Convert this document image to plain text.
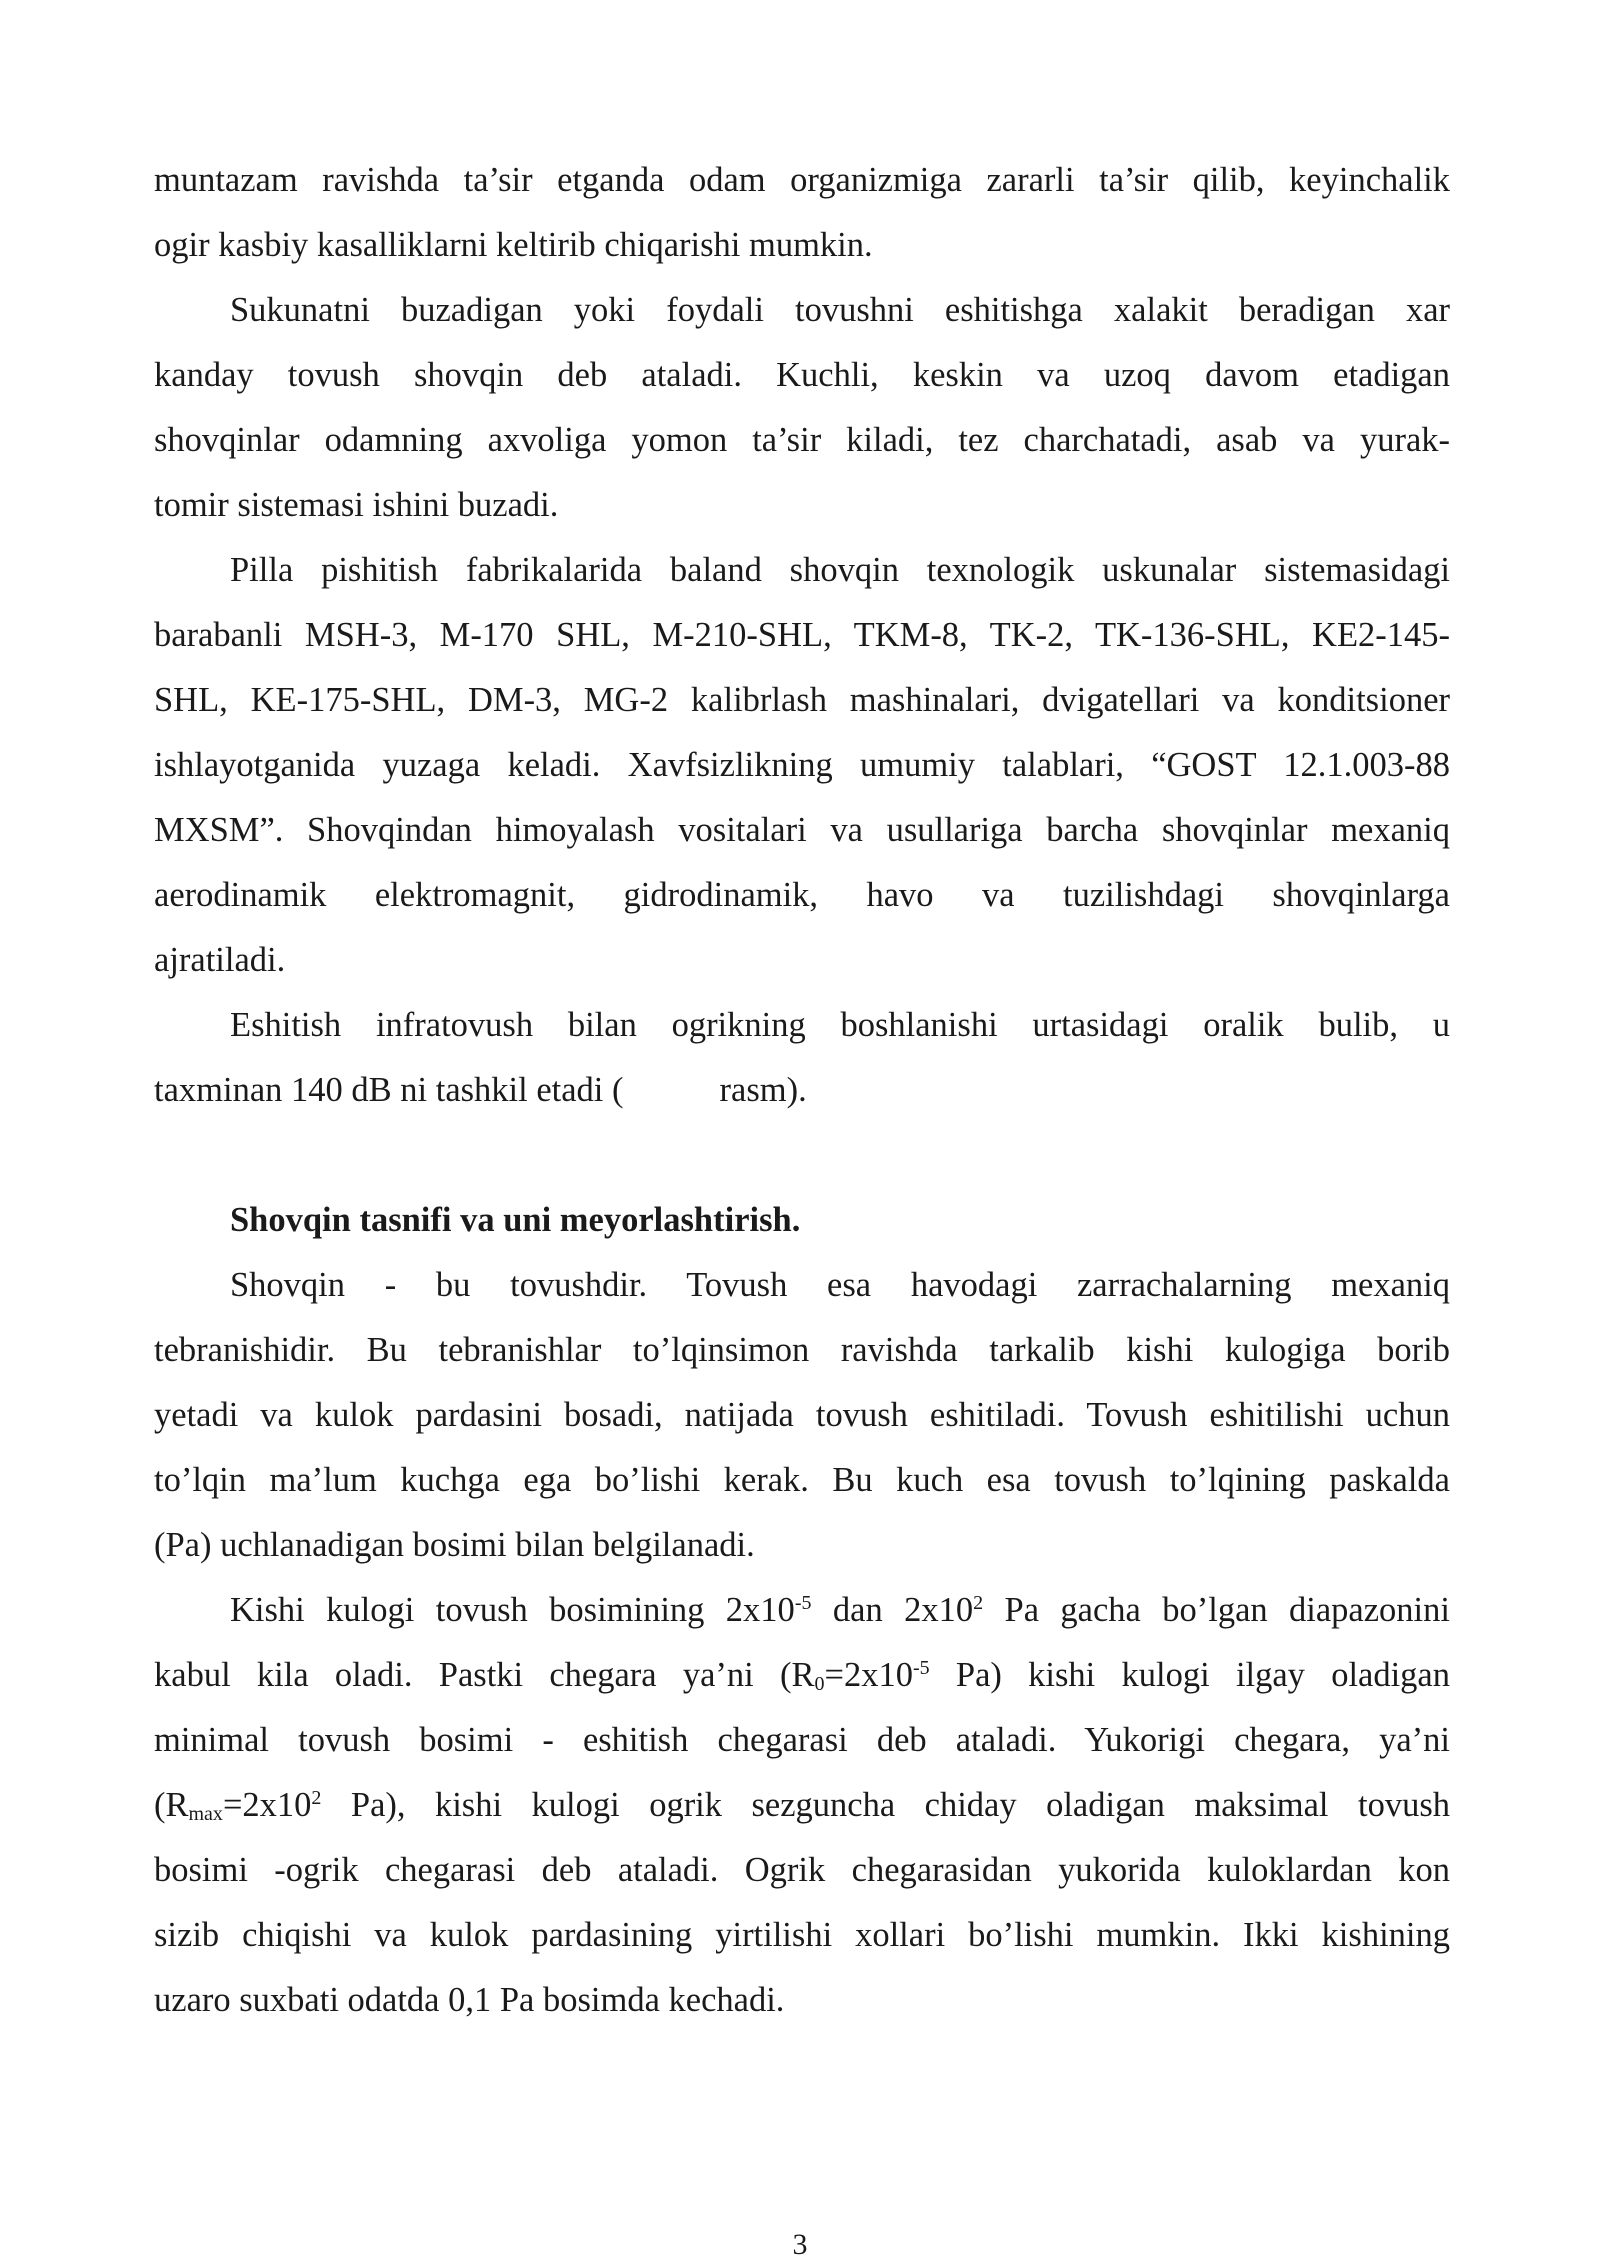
muntazam ravishda ta’sir etganda odam organizmiga zararli ta’sir qilib, keyinchalik
ogir kasbiy kasalliklarni keltirib chiqarishi mumkin.
Sukunatni buzadigan yoki foydali tovushni eshitishga xalakit beradigan xar
kanday tovush shovqin deb ataladi. Kuchli, keskin va uzoq davom etadigan
shovqinlar odamning axvoliga yomon ta’sir kiladi, tez charchatadi, asab va yurak-
tomir sistemasi ishini buzadi.
Pilla pishitish fabrikalarida baland shovqin texnologik uskunalar sistemasidagi
barabanli MSH-3, M-170 SHL, M-210-SHL, TKM-8, TK-2, TK-136-SHL, KE2-145-
SHL, KE-175-SHL, DM-3, MG-2 kalibrlash mashinalari, dvigatellari va konditsioner
ishlayotganida yuzaga keladi. Xavfsizlikning umumiy talablari, “GOST 12.1.003-88
MXSM”. Shovqindan himoyalash vositalari va usullariga barcha shovqinlar mexaniq
aerodinamik elektromagnit, gidrodinamik, havo va tuzilishdagi shovqinlarga
ajratiladi.
Eshitish infratovush bilan ogrikning boshlanishi urtasidagi oralik bulib, u
taxminan 140 dB ni tashkil etadi (	rasm).
Shovqin tasnifi va uni meyorlashtirish.
Shovqin - bu tovushdir. Tovush esa havodagi zarrachalarning mexaniq
tebranishidir. Bu tebranishlar to’lqinsimon ravishda tarkalib kishi kulogiga borib
yetadi va kulok pardasini bosadi, natijada tovush eshitiladi. Tovush eshitilishi uchun
to’lqin ma’lum kuchga ega bo’lishi kerak. Bu kuch esa tovush to’lqining paskalda
(Pa) uchlanadigan bosimi bilan belgilanadi.
Kishi kulogi tovush bosimining $2x10^{-5}$ dan $2x10^2$ Pa gacha bo’lgan diapazonini
kabul kila oladi. Pastki chegara ya’ni ($R_0=2x10^{-5}$ Pa) kishi kulogi ilgay oladigan
minimal tovush bosimi - eshitish chegarasi deb ataladi. Yukorigi chegara, ya’ni
($R_{max}=2x10^2$ Pa), kishi kulogi ogrik sezguncha chiday oladigan maksimal tovush
bosimi -ogrik chegarasi deb ataladi. Ogrik chegarasidan yukorida kuloklardan kon
sizib chiqishi va kulok pardasining yirtilishi xollari bo’lishi mumkin. Ikki kishining
uzaro suxbati odatda 0,1 Pa bosimda kechadi.
3
